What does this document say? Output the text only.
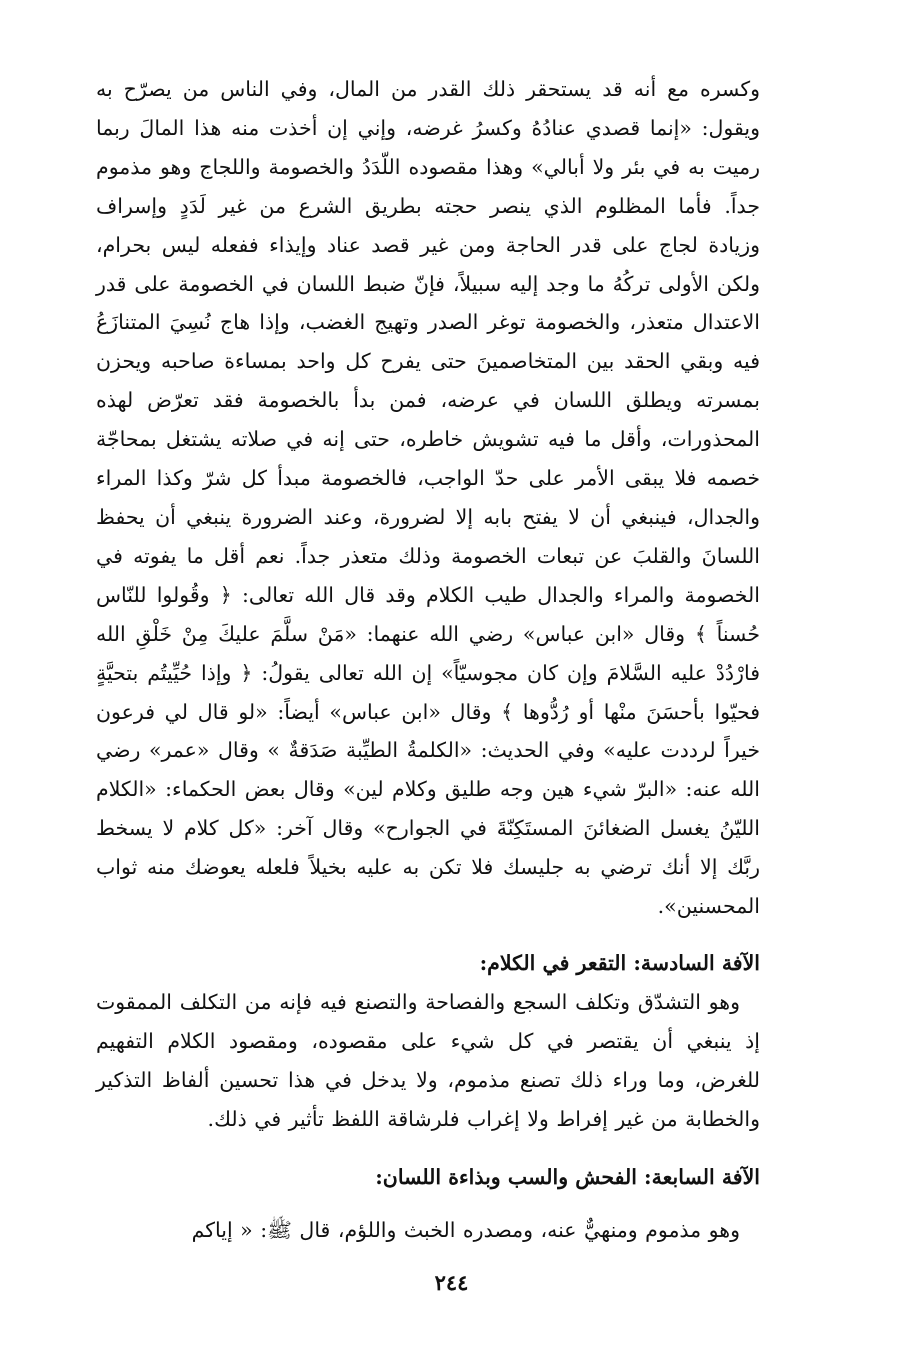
وكسره مع أنه قد يستحقر ذلك القدر من المال، وفي الناس من يصرّح به ويقول: «إنما قصدي عنادُهُ وكسرُ غرضه، وإني إن أخذت منه هذا المالَ ربما رميت به في بئر ولا أبالي» وهذا مقصوده اللّدَدُ والخصومة واللجاج وهو مذموم جداً. فأما المظلوم الذي ينصر حجته بطريق الشرع من غير لَدَدٍ وإسراف وزيادة لجاج على قدر الحاجة ومن غير قصد عناد وإيذاء ففعله ليس بحرام، ولكن الأولى تركُهُ ما وجد إليه سبيلاً، فإنّ ضبط اللسان في الخصومة على قدر الاعتدال متعذر، والخصومة توغر الصدر وتهيج الغضب، وإذا هاج نُسِيَ المتنازَعُ فيه وبقي الحقد بين المتخاصمينَ حتى يفرح كل واحد بمساءة صاحبه ويحزن بمسرته ويطلق اللسان في عرضه، فمن بدأ بالخصومة فقد تعرّض لهذه المحذورات، وأقل ما فيه تشويش خاطره، حتى إنه في صلاته يشتغل بمحاجّة خصمه فلا يبقى الأمر على حدّ الواجب، فالخصومة مبدأ كل شرّ وكذا المراء والجدال، فينبغي أن لا يفتح بابه إلا لضرورة، وعند الضرورة ينبغي أن يحفظ اللسانَ والقلبَ عن تبعات الخصومة وذلك متعذر جداً. نعم أقل ما يفوته في الخصومة والمراء والجدال طيب الكلام وقد قال الله تعالى: ﴿ وقُولوا للنّاس حُسناً ﴾ وقال «ابن عباس» رضي الله عنهما: «مَنْ سلَّمَ عليكَ مِنْ خَلْقِ الله فارْدُدْ عليه السَّلامَ وإن كان مجوسيّاً» إن الله تعالى يقولُ: ﴿ وإذا حُيِّيتُم بتحيَّةٍ فحيّوا بأحسَنَ منْها أو رُدُّوها ﴾ وقال «ابن عباس» أيضاً: «لو قال لي فرعون خيراً لرددت عليه» وفي الحديث: «الكلمةُ الطيِّبة صَدَقةٌ » وقال «عمر» رضي الله عنه: «البرّ شيء هين وجه طليق وكلام لين» وقال بعض الحكماء: «الكلام الليّنُ يغسل الضغائنَ المستَكِنّةَ في الجوارح» وقال آخر: «كل كلام لا يسخط ربَّك إلا أنك ترضي به جليسك فلا تكن به عليه بخيلاً فلعله يعوضك منه ثواب المحسنين».

الآفة السادسة: التقعر في الكلام:

وهو التشدّق وتكلف السجع والفصاحة والتصنع فيه فإنه من التكلف الممقوت إذ ينبغي أن يقتصر في كل شيء على مقصوده، ومقصود الكلام التفهيم للغرض، وما وراء ذلك تصنع مذموم، ولا يدخل في هذا تحسين ألفاظ التذكير والخطابة من غير إفراط ولا إغراب فلرشاقة اللفظ تأثير في ذلك.

الآفة السابعة: الفحش والسب وبذاءة اللسان:

وهو مذموم ومنهيٌّ عنه، ومصدره الخبث واللؤم، قال ﷺ: « إياكم

٢٤٤
